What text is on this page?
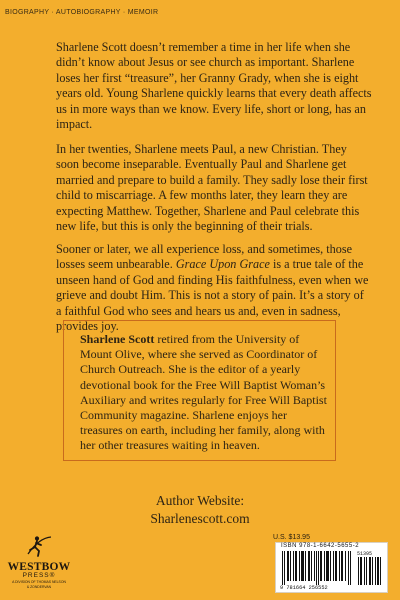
BIOGRAPHY · AUTOBIOGRAPHY · MEMOIR

Sharlene Scott doesn’t remember a time in her life when she didn’t know about Jesus or see church as important. Sharlene loses her first “treasure”, her Granny Grady, when she is eight years old. Young Sharlene quickly learns that every death affects us in more ways than we know. Every life, short or long, has an impact.

In her twenties, Sharlene meets Paul, a new Christian. They soon become inseparable. Eventually Paul and Sharlene get married and prepare to build a family. They sadly lose their first child to miscarriage. A few months later, they learn they are expecting Matthew. Together, Sharlene and Paul celebrate this new life, but this is only the beginning of their trials.

Sooner or later, we all experience loss, and sometimes, those losses seem unbearable. Grace Upon Grace is a true tale of the unseen hand of God and finding His faithfulness, even when we grieve and doubt Him. This is not a story of pain. It’s a story of a faithful God who sees and hears us and, even in sadness, provides joy.

Sharlene Scott retired from the University of Mount Olive, where she served as Coordinator of Church Outreach. She is the editor of a yearly devotional book for the Free Will Baptist Woman’s Auxiliary and writes regularly for Free Will Baptist Community magazine. Sharlene enjoys her treasures on earth, including her family, along with her other treasures waiting in heaven.

Author Website:
Sharlenescott.com
WESTBOW
PRESS®
A DIVISION OF THOMAS NELSON
& ZONDERVAN
U.S. $13.95
ISBN 978-1-6642-5655-2
51395
9 781664 256552
